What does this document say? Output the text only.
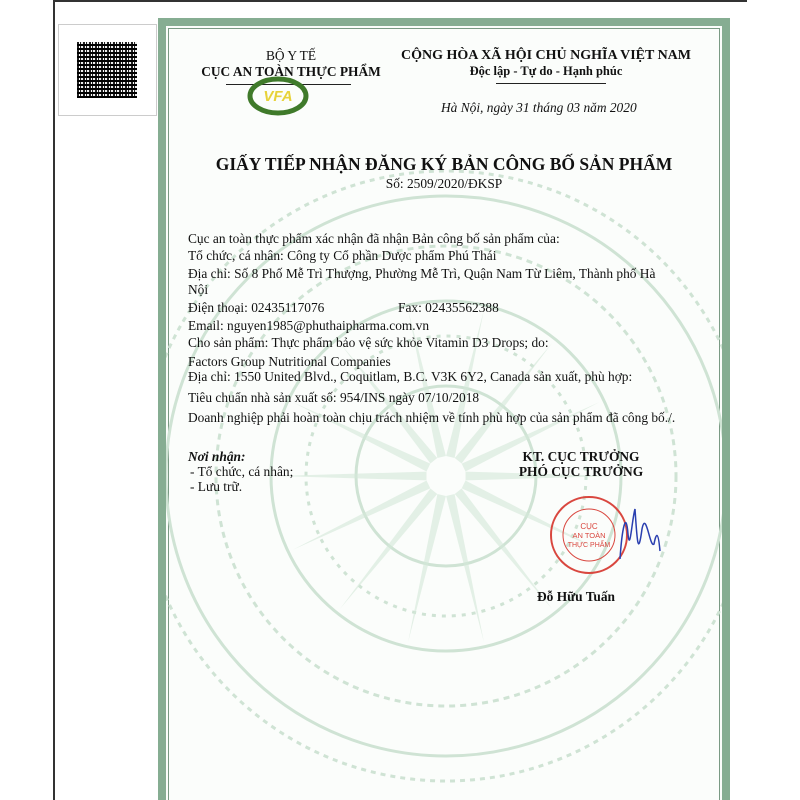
BỘ Y TẾ
CỤC AN TOÀN THỰC PHẨM
VFA
CỘNG HÒA XÃ HỘI CHỦ NGHĨA VIỆT NAM
Độc lập - Tự do - Hạnh phúc
Hà Nội, ngày 31 tháng 03 năm 2020
GIẤY TIẾP NHẬN ĐĂNG KÝ BẢN CÔNG BỐ SẢN PHẨM
Số: 2509/2020/ĐKSP
Cục an toàn thực phẩm xác nhận đã nhận Bản công bố sản phẩm của:
Tổ chức, cá nhân: Công ty Cổ phần Dược phẩm Phú Thái
Địa chỉ: Số 8 Phố Mễ Trì Thượng, Phường Mễ Trì, Quận Nam Từ Liêm, Thành phố Hà
Nội
Điện thoại: 02435117076	Fax: 02435562388
Email: nguyen1985@phuthaipharma.com.vn
Cho sản phẩm: Thực phẩm bảo vệ sức khỏe Vitamin D3 Drops; do:
Factors Group Nutritional Companies
Địa chỉ: 1550 United Blvd., Coquitlam, B.C. V3K 6Y2, Canada sản xuất, phù hợp:
Tiêu chuẩn nhà sản xuất số: 954/INS ngày 07/10/2018
Doanh nghiệp phải hoàn toàn chịu trách nhiệm về tính phù hợp của sản phẩm đã công bố./.
Nơi nhận:
- Tổ chức, cá nhân;
- Lưu trữ.
KT. CỤC TRƯỞNG
PHÓ CỤC TRƯỞNG
CỤC
AN TOÀN
THỰC PHẨM
Đỗ Hữu Tuấn
